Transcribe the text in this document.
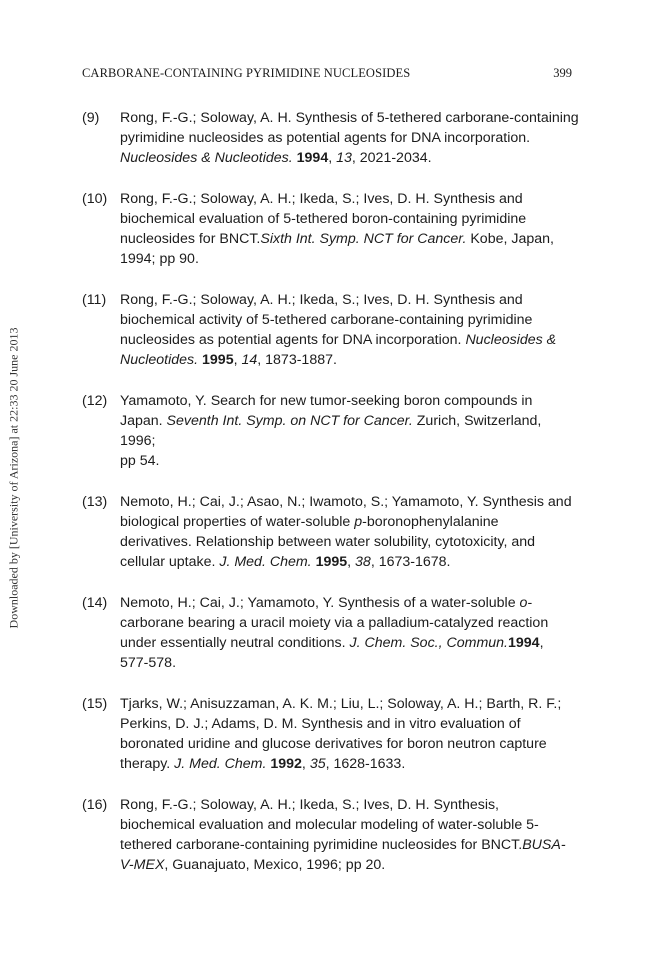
Downloaded by [University of Arizona] at 22:33 20 June 2013
CARBORANE-CONTAINING PYRIMIDINE NUCLEOSIDES	399
(9)	Rong, F.-G.; Soloway, A. H. Synthesis of 5-tethered carborane-containing
pyrimidine nucleosides as potential agents for DNA incorporation.
Nucleosides & Nucleotides. 1994, 13, 2021-2034.
(10) Rong, F.-G.; Soloway, A. H.; Ikeda, S.; Ives, D. H. Synthesis and
biochemical evaluation of 5-tethered boron-containing pyrimidine
nucleosides for BNCT.Sixth Int. Symp. NCT for Cancer. Kobe, Japan,
1994; pp 90.
(11) Rong, F.-G.; Soloway, A. H.; Ikeda, S.; Ives, D. H. Synthesis and
biochemical activity of 5-tethered carborane-containing pyrimidine
nucleosides as potential agents for DNA incorporation. Nucleosides &
Nucleotides. 1995, 14, 1873-1887.
(12) Yamamoto, Y. Search for new tumor-seeking boron compounds in
Japan. Seventh Int. Symp. on NCT for Cancer. Zurich, Switzerland, 1996;
pp 54.
(13) Nemoto, H.; Cai, J.; Asao, N.; Iwamoto, S.; Yamamoto, Y. Synthesis and
biological properties of water-soluble p-boronophenylalanine
derivatives. Relationship between water solubility, cytotoxicity, and
cellular uptake. J. Med. Chem. 1995, 38, 1673-1678.
(14) Nemoto, H.; Cai, J.; Yamamoto, Y. Synthesis of a water-soluble o-
carborane bearing a uracil moiety via a palladium-catalyzed reaction
under essentially neutral conditions. J. Chem. Soc., Commun.1994,
577-578.
(15) Tjarks, W.; Anisuzzaman, A. K. M.; Liu, L.; Soloway, A. H.; Barth, R. F.;
Perkins, D. J.; Adams, D. M. Synthesis and in vitro evaluation of
boronated uridine and glucose derivatives for boron neutron capture
therapy. J. Med. Chem. 1992, 35, 1628-1633.
(16) Rong, F.-G.; Soloway, A. H.; Ikeda, S.; Ives, D. H. Synthesis,
biochemical evaluation and molecular modeling of water-soluble 5-
tethered carborane-containing pyrimidine nucleosides for BNCT.BUSA-
V-MEX, Guanajuato, Mexico, 1996; pp 20.
